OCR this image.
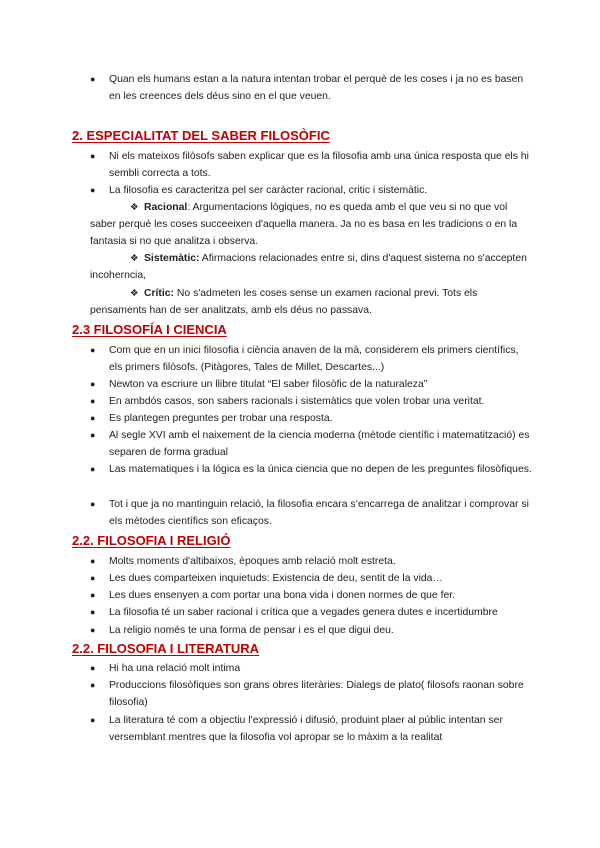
● Quan els humans estan a la natura intentan trobar el perquè de les coses i ja no es basen en les creences dels déus sino en el que veuen.
2. ESPECIALITAT DEL SABER FILOSÒFIC
● Ni els mateixos filòsofs saben explicar que es la filosofia amb una única resposta que els hi sembli correcta a tots.
● La filosofia es caracteritza pel ser caràcter racional, critic i sistemàtic.
❖ Racional: Argumentacions lògiques, no es queda amb el que veu si no que vol saber perquè les coses succeeixen d'aquella manera. Ja no es basa en les tradicions o en la fantasia si no que analitza i observa.
❖ Sistemàtic: Afirmacions relacionades entre si, dins d'aquest sistema no s'accepten incoherncia,
❖ Crític: No s'admeten les coses sense un examen racional previ. Tots els pensaments han de ser analitzats, amb els déus no passava.
2.3 FILOSOFÍA I CIENCIA
● Com que en un inici filosofia i ciència anaven de la mà, considerem els primers científics, els primers filòsofs. (Pitàgores, Tales de Millet, Descartes...)
● Newton va escriure un llibre titulat “El saber filosòfic de la naturaleza”
● En ambdós casos, son sabers racionals i sistemàtics que volen trobar una veritat.
● Es plantegen preguntes per trobar una resposta.
● Al segle XVI amb el naixement de la ciencia moderna (mètode científic i matematització) es separen de forma gradual
● Las matematiques i la lógica es la única ciencia que no depen de les preguntes filosòfiques.
● Tot i que ja no mantinguin relació, la filosofia encara s’encarrega de analitzar i comprovar si els mètodes científics son eficaços.
2.2. FILOSOFIA I RELIGIÓ
● Molts moments d'altibaixos, èpoques amb relació molt estreta.
● Les dues comparteixen inquietuds: Existencia de deu, sentit de la vida…
● Les dues ensenyen a com portar una bona vida i donen normes de que fer.
● La filosofia té un saber racional i crítica que a vegades genera dutes e incertidumbre
● La religio només te una forma de pensar i es el que digui deu.
2.2. FILOSOFIA I LITERATURA
● Hi ha una relació molt intima
● Produccions filosòfiques son grans obres literàries: Dialegs de plato( filosofs raonan sobre filosofia)
● La literatura té com a objectiu l’expressió i difusió, produint plaer al públic intentan ser versemblant mentres que la filosofia vol apropar se lo màxim a la realitat
